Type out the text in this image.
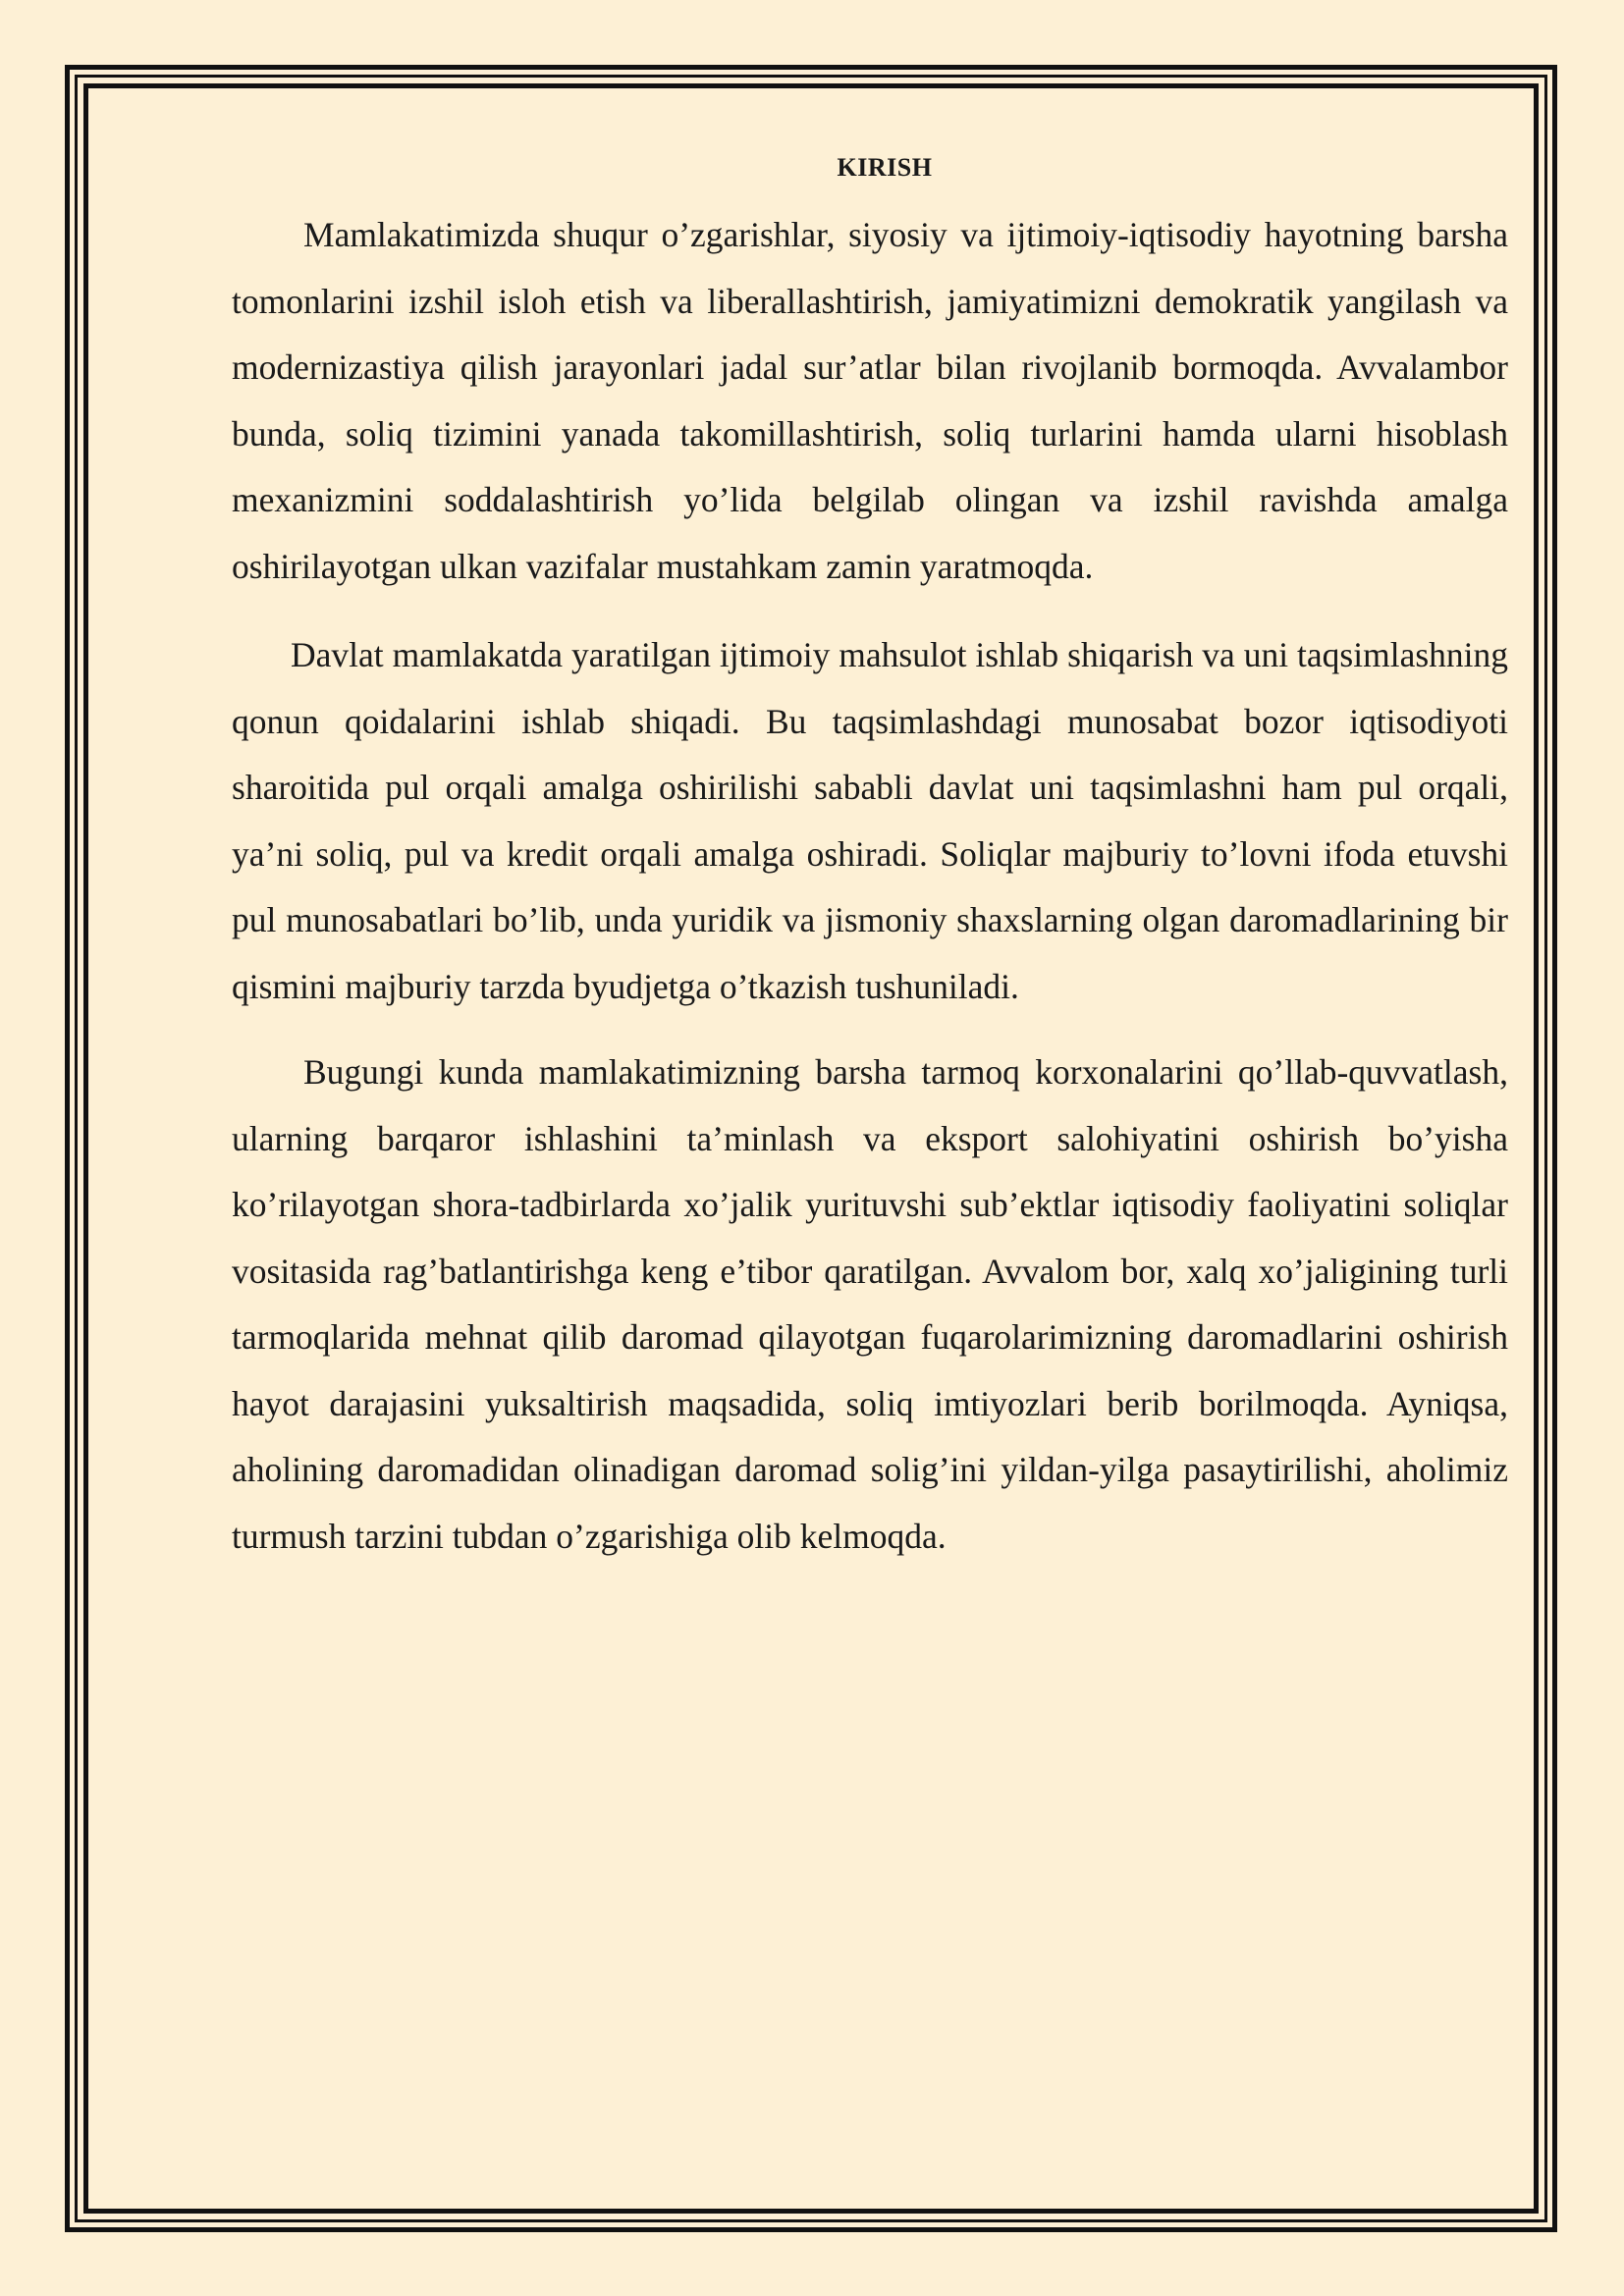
KIRISH

Mamlakatimizda shuqur o’zgarishlar, siyosiy va ijtimoiy-iqtisodiy hayotning barsha tomonlarini izshil isloh etish va liberallashtirish, jamiyatimizni demokratik yangilash va modernizastiya qilish jarayonlari jadal sur’atlar bilan rivojlanib bormoqda. Avvalambor bunda, soliq tizimini yanada takomillashtirish, soliq turlarini hamda ularni hisoblash mexanizmini soddalashtirish yo’lida belgilab olingan va izshil ravishda amalga oshirilayotgan ulkan vazifalar mustahkam zamin yaratmoqda.

Davlat mamlakatda yaratilgan ijtimoiy mahsulot ishlab shiqarish va uni taqsimlashning qonun qoidalarini ishlab shiqadi. Bu taqsimlashdagi munosabat bozor iqtisodiyoti sharoitida pul orqali amalga oshirilishi sababli davlat uni taqsimlashni ham pul orqali, ya’ni soliq, pul va kredit orqali amalga oshiradi. Soliqlar majburiy to’lovni ifoda etuvshi pul munosabatlari bo’lib, unda yuridik va jismoniy shaxslarning olgan daromadlarining bir qismini majburiy tarzda byudjetga o’tkazish tushuniladi.

Bugungi kunda mamlakatimizning barsha tarmoq korxonalarini qo’llab-quvvatlash, ularning barqaror ishlashini ta’minlash va eksport salohiyatini oshirish bo’yisha ko’rilayotgan shora-tadbirlarda xo’jalik yurituvshi sub’ektlar iqtisodiy faoliyatini soliqlar vositasida rag’batlantirishga keng e’tibor qaratilgan. Avvalom bor, xalq xo’jaligining turli tarmoqlarida mehnat qilib daromad qilayotgan fuqarolarimizning daromadlarini oshirish hayot darajasini yuksaltirish maqsadida, soliq imtiyozlari berib borilmoqda. Ayniqsa, aholining daromadidan olinadigan daromad solig’ini yildan-yilga pasaytirilishi, aholimiz turmush tarzini tubdan o’zgarishiga olib kelmoqda.
